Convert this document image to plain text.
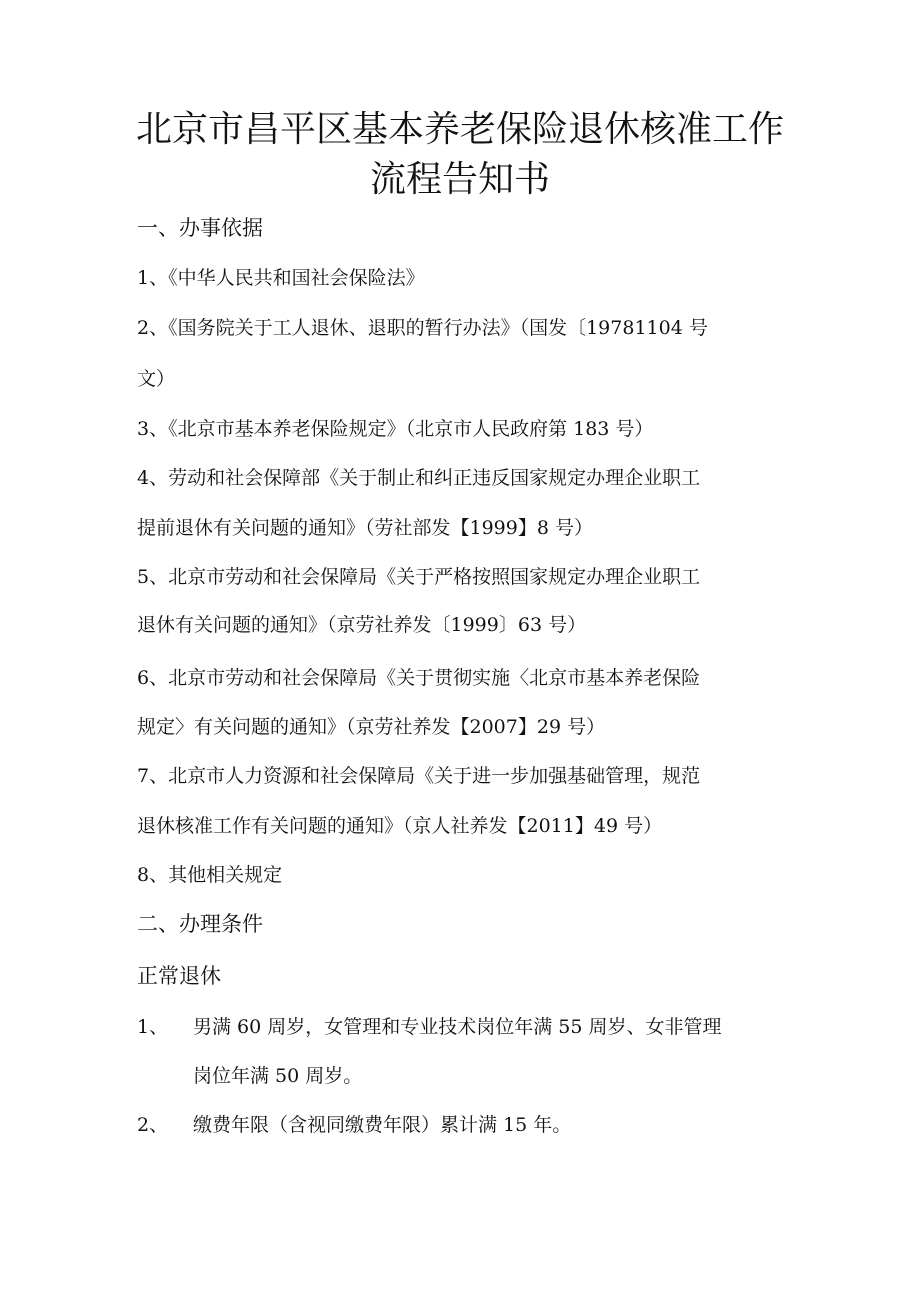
北京市昌平区基本养老保险退休核准工作
流程告知书
一、办事依据
1、《中华人民共和国社会保险法》
2、《国务院关于工人退休、退职的暂行办法》（国发〔19781104 号
文）
3、《北京市基本养老保险规定》（北京市人民政府第 183 号）
4、劳动和社会保障部《关于制止和纠正违反国家规定办理企业职工
提前退休有关问题的通知》（劳社部发【1999】8 号）
5、北京市劳动和社会保障局《关于严格按照国家规定办理企业职工
退休有关问题的通知》（京劳社养发〔1999〕63 号）
6、北京市劳动和社会保障局《关于贯彻实施〈北京市基本养老保险
规定〉有关问题的通知》（京劳社养发【2007】29 号）
7、北京市人力资源和社会保障局《关于进一步加强基础管理，规范
退休核准工作有关问题的通知》（京人社养发【2011】49 号）
8、其他相关规定
二、办理条件
正常退休
1、 男满 60 周岁，女管理和专业技术岗位年满 55 周岁、女非管理
岗位年满 50 周岁。
2、 缴费年限（含视同缴费年限）累计满 15 年。
